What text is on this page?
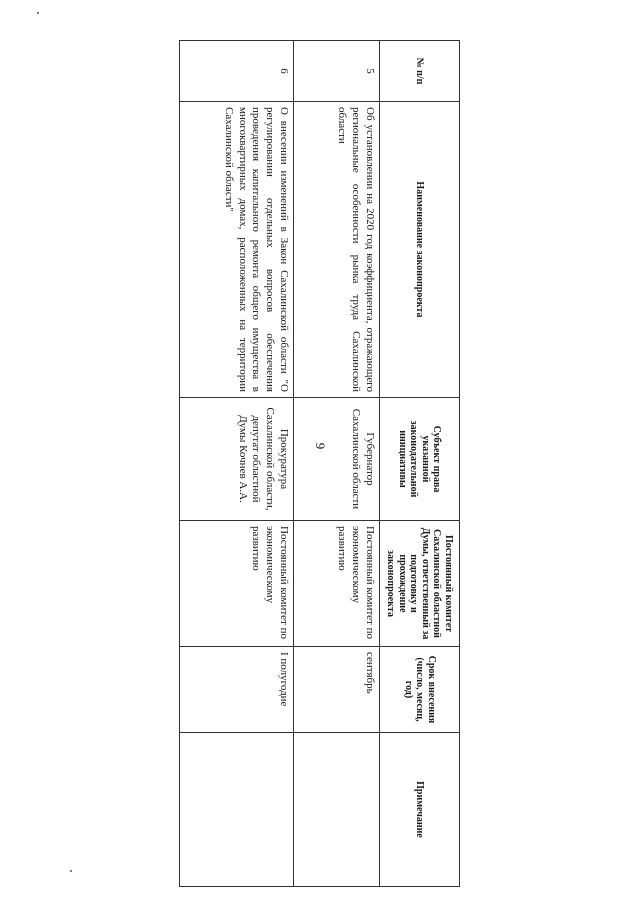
9
№ п/п	Наименование законопроекта	Субъект права указанной законодательной инициативы	Постоянный комитет Сахалинской областной Думы, ответственный за подготовку и прохождение законопроекта	Срок внесения (число, месяц, год)	Примечание
5	Об установлении на 2020 год коэффициента, отражающего региональные особенности рынка труда Сахалинской области	Губернатор Сахалинской области	Постоянный комитет по экономическому развитию	сентябрь	
6	О внесении изменений в Закон Сахалинской области "О регулировании отдельных вопросов обеспечения проведения капитального ремонта общего имущества в многоквартирных домах, расположенных на территории Сахалинской области"	Прокуратура Сахалинской области, депутат областной Думы Кочнев А.А.	Постоянный комитет по экономическому развитию	I полугодие	
